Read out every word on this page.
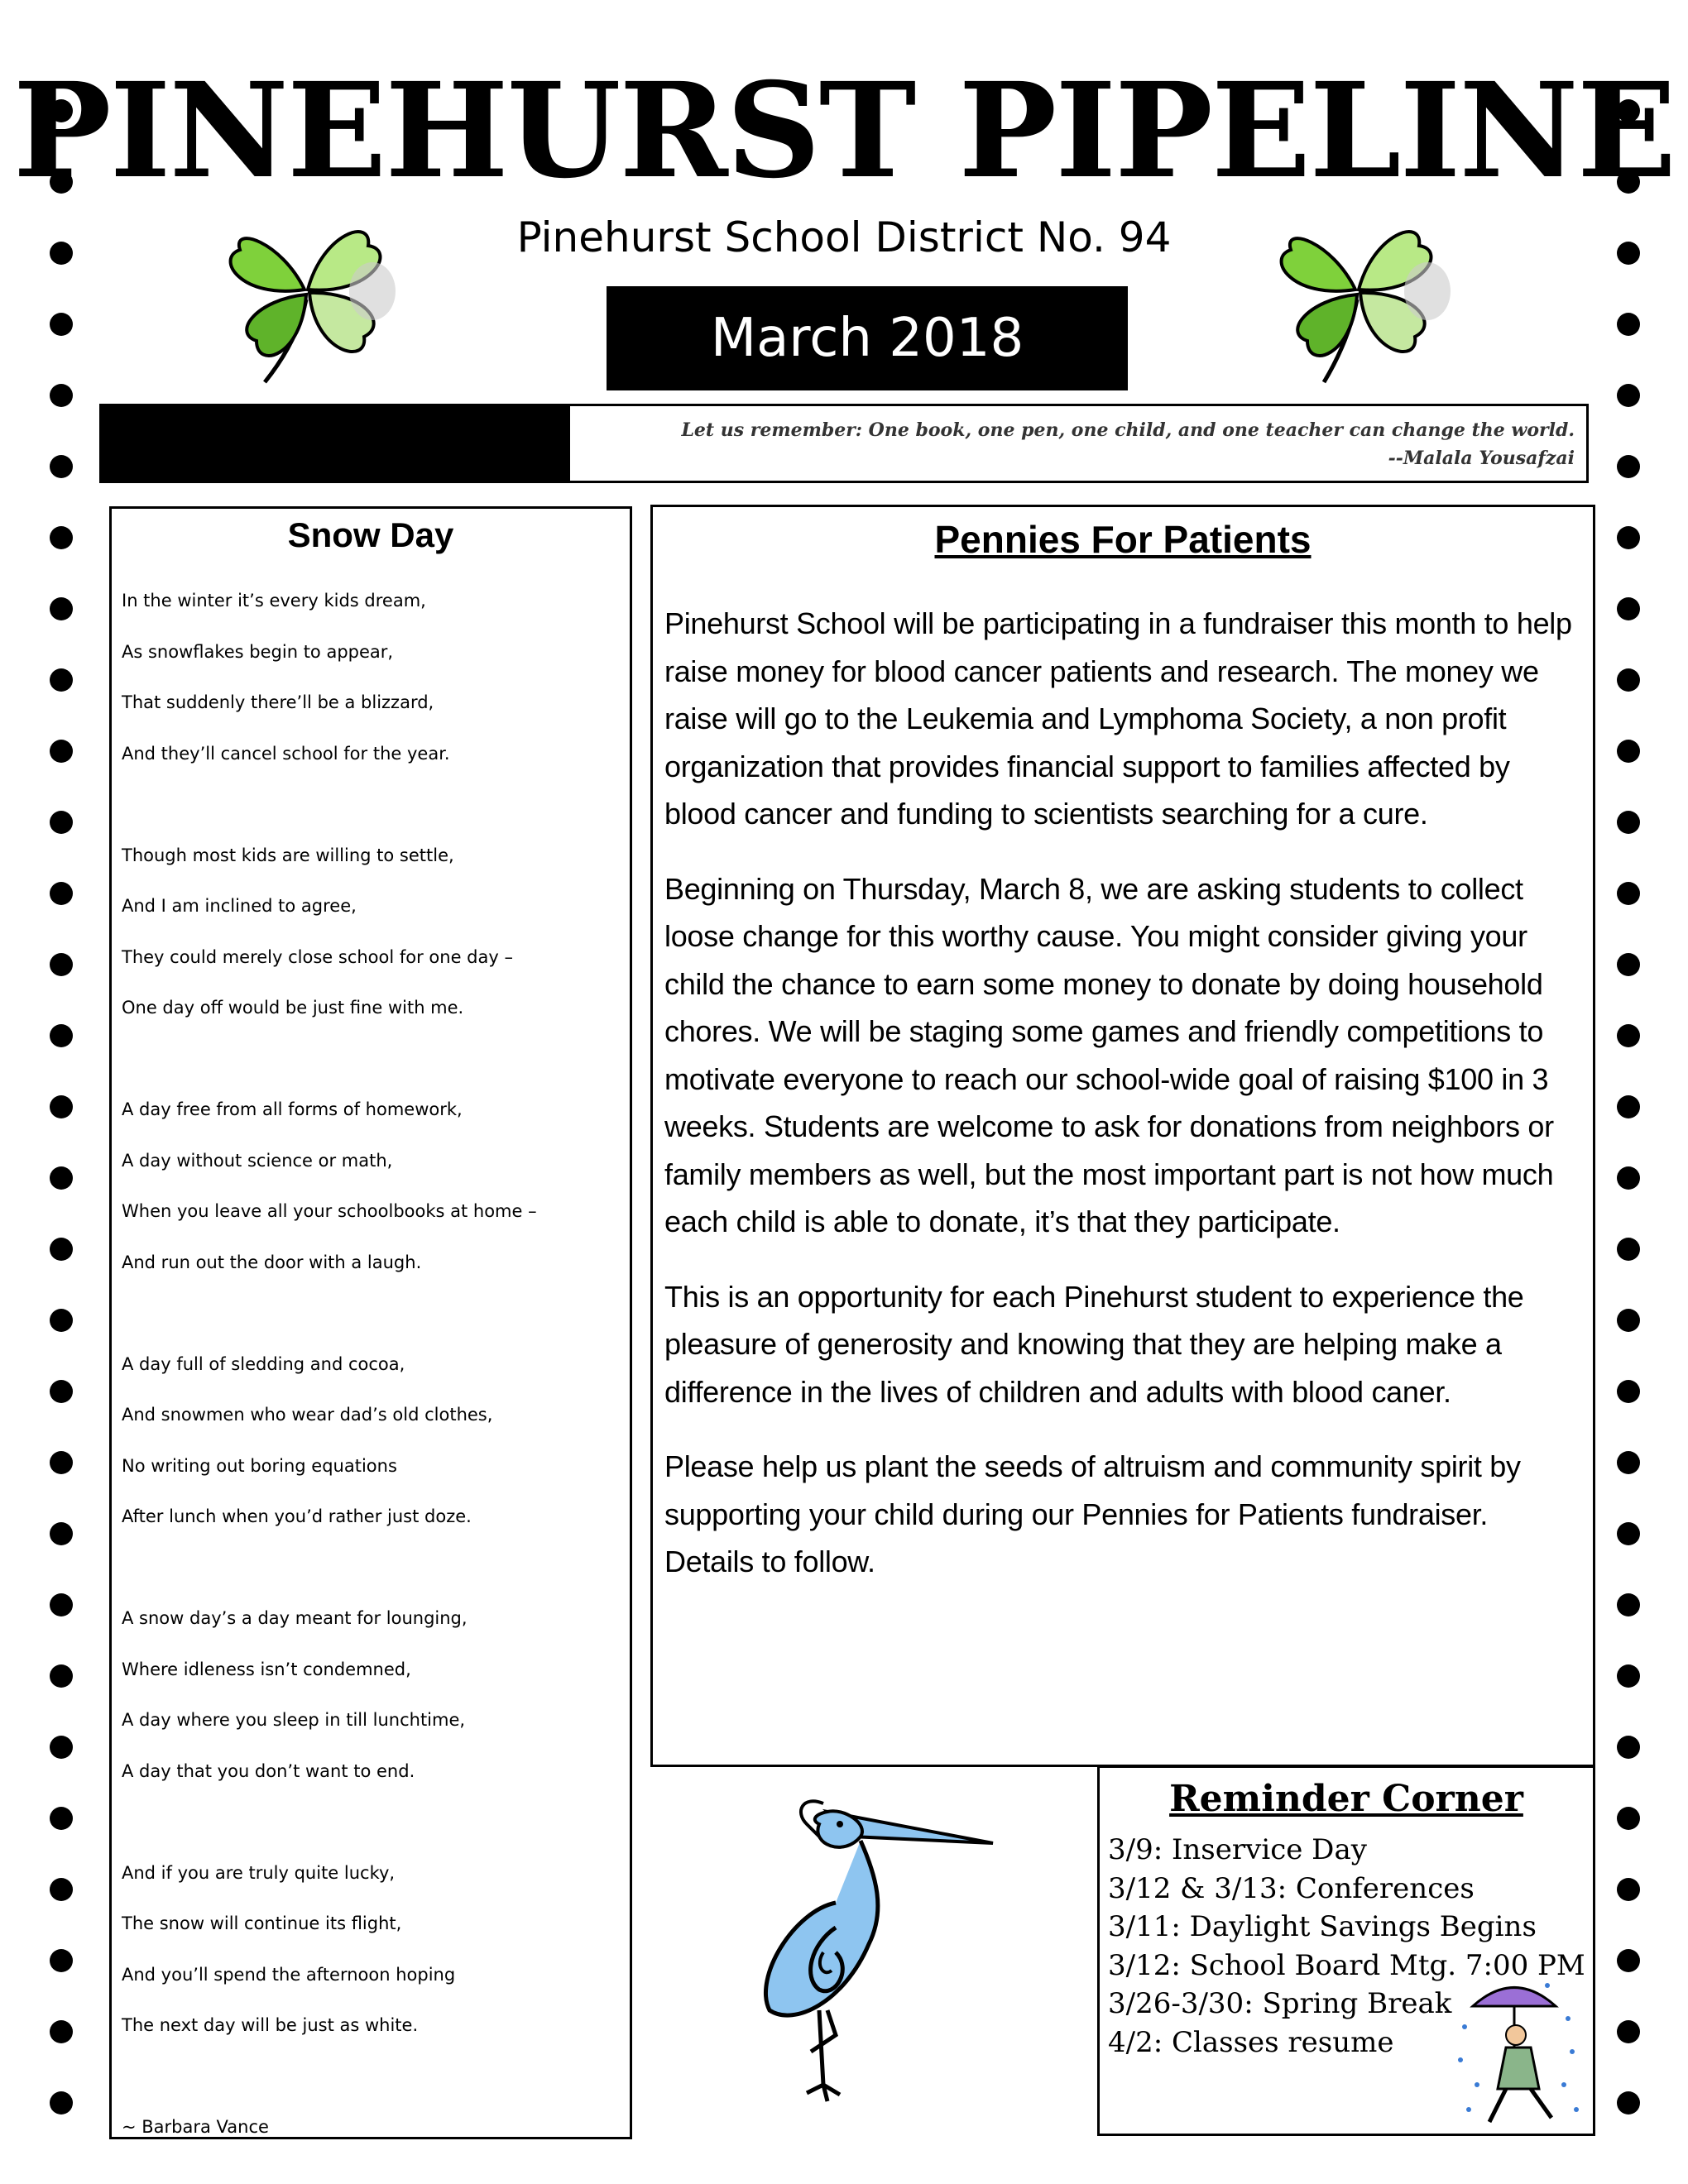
PINEHURST PIPELINE
Pinehurst School District No. 94
March 2018
Let us remember: One book, one pen, one child, and one teacher can change the world.
--Malala Yousafzai
Snow Day
In the winter it’s every kids dream,
As snowflakes begin to appear,
That suddenly there’ll be a blizzard,
And they’ll cancel school for the year.
Though most kids are willing to settle,
And I am inclined to agree,
They could merely close school for one day –
One day off would be just fine with me.
A day free from all forms of homework,
A day without science or math,
When you leave all your schoolbooks at home –
And run out the door with a laugh.
A day full of sledding and cocoa,
And snowmen who wear dad’s old clothes,
No writing out boring equations
After lunch when you’d rather just doze.
A snow day’s a day meant for lounging,
Where idleness isn’t condemned,
A day where you sleep in till lunchtime,
A day that you don’t want to end.
And if you are truly quite lucky,
The snow will continue its flight,
And you’ll spend the afternoon hoping
The next day will be just as white.
~ Barbara Vance
Pennies For Patients

Pinehurst School will be participating in a fundraiser this month to help raise money for blood cancer patients and research. The money we raise will go to the Leukemia and Lymphoma Society, a non profit organization that provides financial support to families affected by blood cancer and funding to scientists searching for a cure.

Beginning on Thursday, March 8, we are asking students to collect loose change for this worthy cause. You might consider giving your child the chance to earn some money to donate by doing household chores. We will be staging some games and friendly competitions to motivate everyone to reach our school-wide goal of raising $100 in 3 weeks. Students are welcome to ask for donations from neighbors or family members as well, but the most important part is not how much each child is able to donate, it’s that they participate.

This is an opportunity for each Pinehurst student to experience the pleasure of generosity and knowing that they are helping make a difference in the lives of children and adults with blood caner.

Please help us plant the seeds of altruism and community spirit by supporting your child during our Pennies for Patients fundraiser. Details to follow.

Reminder Corner
3/9: Inservice Day
3/12 & 3/13: Conferences
3/11: Daylight Savings Begins
3/12: School Board Mtg. 7:00 PM
3/26-3/30: Spring Break
4/2: Classes resume
